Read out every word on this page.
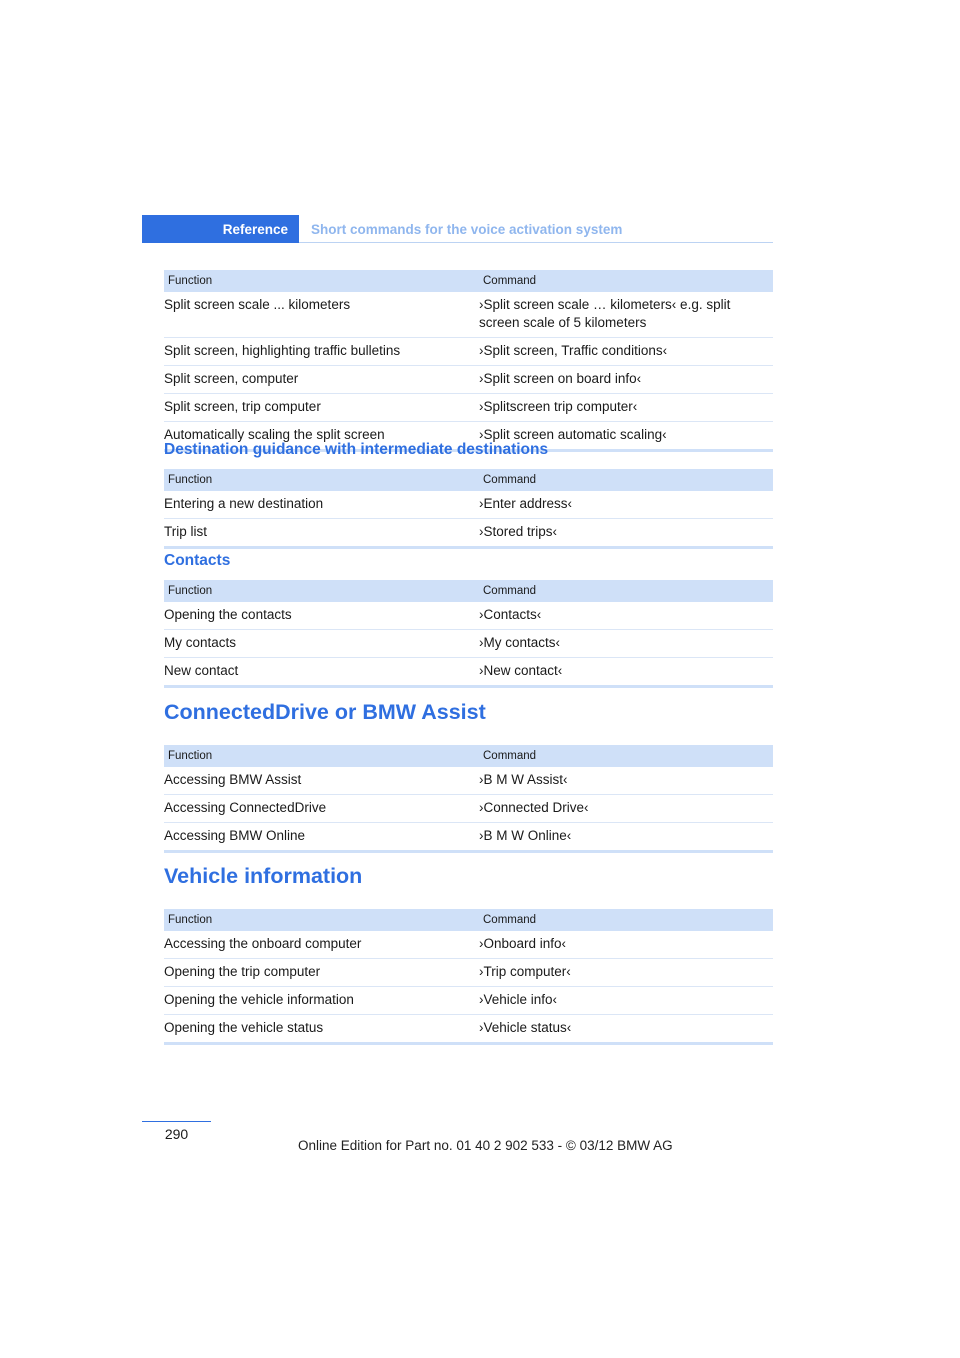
Reference	Short commands for the voice activation system
Function	Command
Split screen scale ... kilometers	›Split screen scale … kilometers‹ e.g. split screen scale of 5 kilometers
Split screen, highlighting traffic bulletins	›Split screen, Traffic conditions‹
Split screen, computer	›Split screen on board info‹
Split screen, trip computer	›Splitscreen trip computer‹
Automatically scaling the split screen	›Split screen automatic scaling‹
Destination guidance with intermediate destinations
Function	Command
Entering a new destination	›Enter address‹
Trip list	›Stored trips‹
Contacts
Function	Command
Opening the contacts	›Contacts‹
My contacts	›My contacts‹
New contact	›New contact‹
ConnectedDrive or BMW Assist
Function	Command
Accessing BMW Assist	›B M W Assist‹
Accessing ConnectedDrive	›Connected Drive‹
Accessing BMW Online	›B M W Online‹
Vehicle information
Function	Command
Accessing the onboard computer	›Onboard info‹
Opening the trip computer	›Trip computer‹
Opening the vehicle information	›Vehicle info‹
Opening the vehicle status	›Vehicle status‹
290
Online Edition for Part no. 01 40 2 902 533 - © 03/12 BMW AG
